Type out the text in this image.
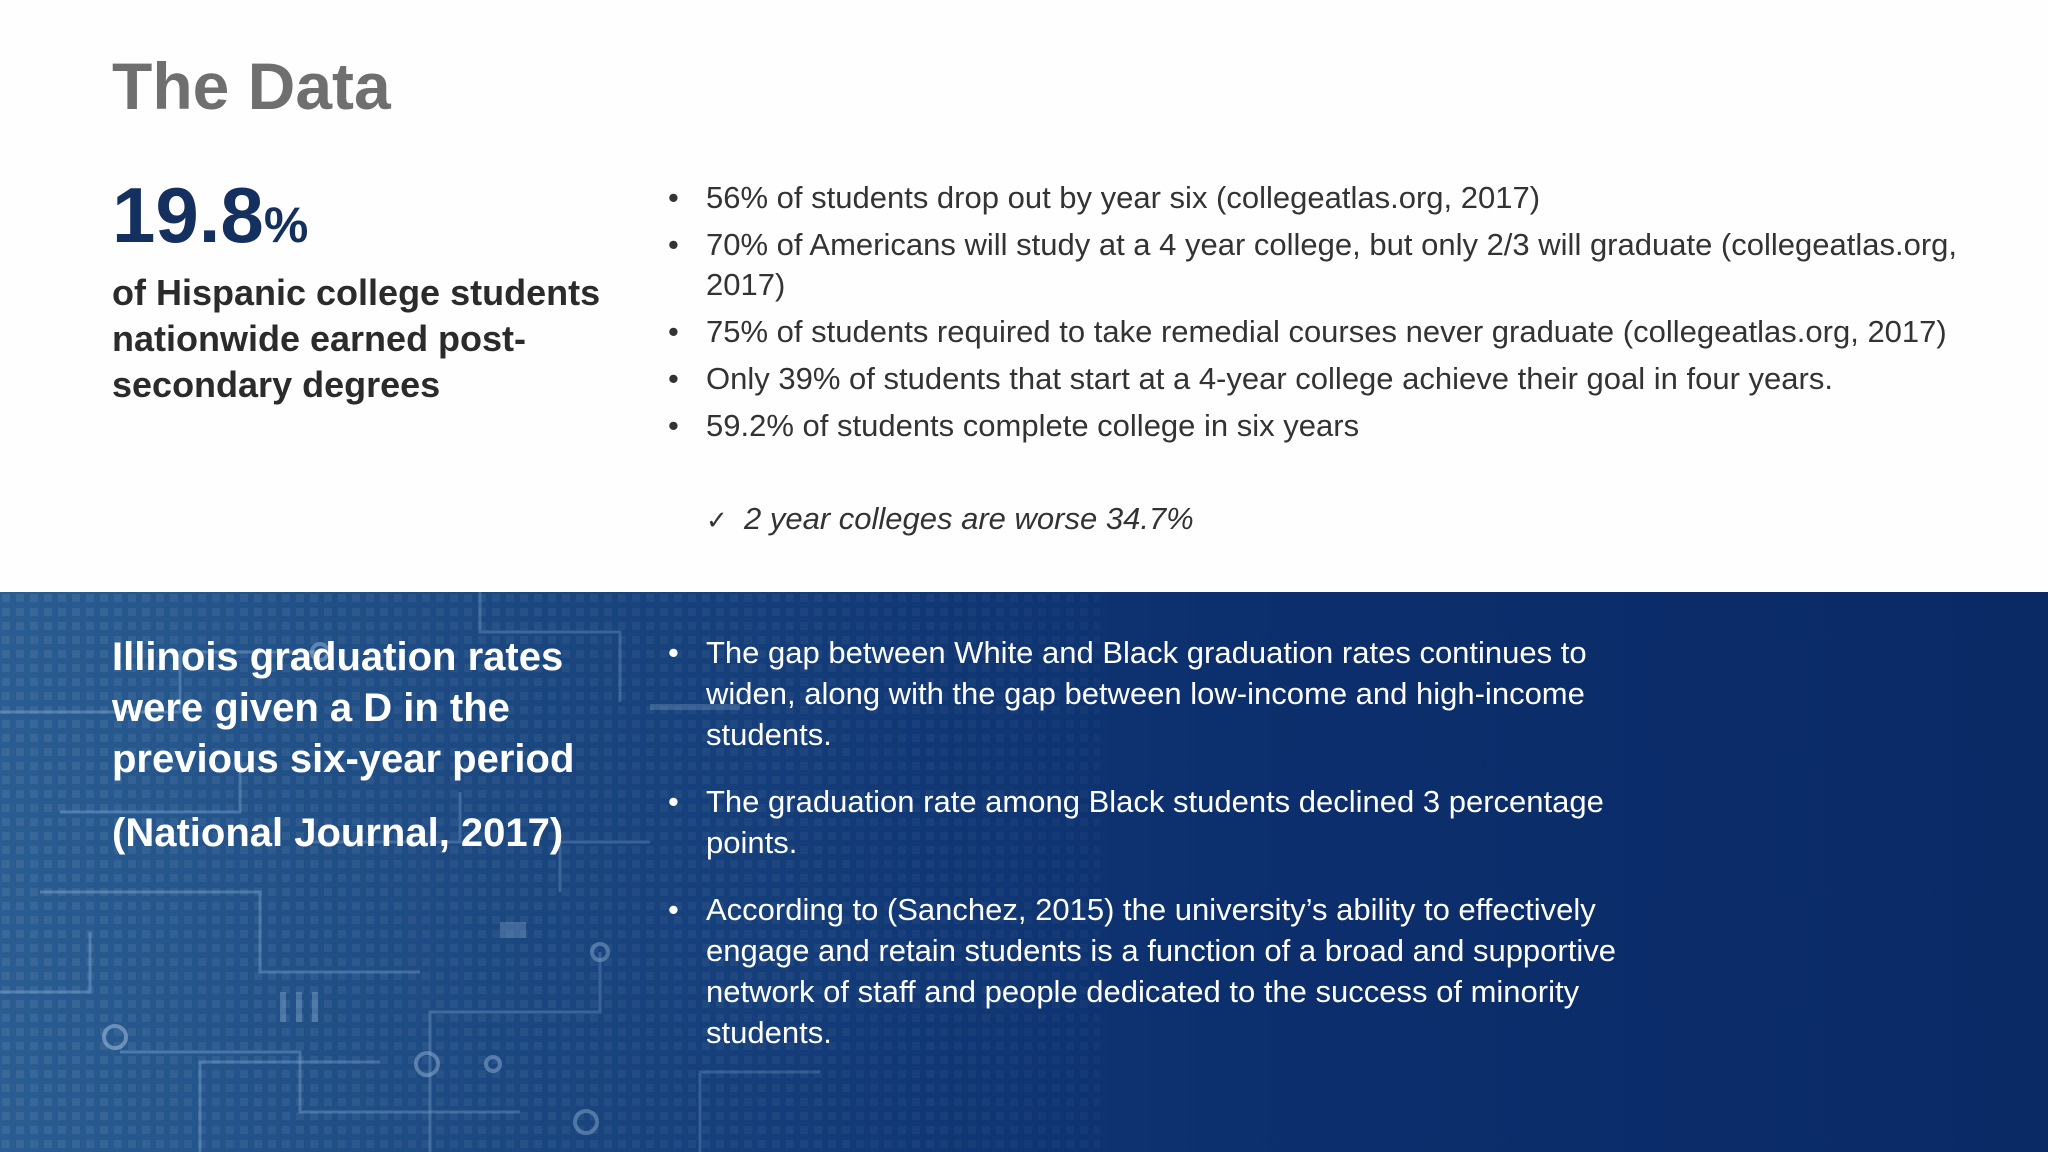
The Data
19.8%

of Hispanic college students nationwide earned post-secondary degrees

• 56% of students drop out by year six (collegeatlas.org, 2017)
• 70% of Americans will study at a 4 year college, but only 2/3 will graduate (collegeatlas.org, 2017)
• 75% of students required to take remedial courses never graduate (collegeatlas.org, 2017)
• Only 39% of students that start at a 4-year college achieve their goal in four years.
• 59.2% of students complete college in six years
✓ 2 year colleges are worse 34.7%

Illinois graduation rates were given a D in the previous six-year period

(National Journal, 2017)

• The gap between White and Black graduation rates continues to widen, along with the gap between low-income and high-income students.
• The graduation rate among Black students declined 3 percentage points.
• According to (Sanchez, 2015) the university’s ability to effectively engage and retain students is a function of a broad and supportive network of staff and people dedicated to the success of minority students.
